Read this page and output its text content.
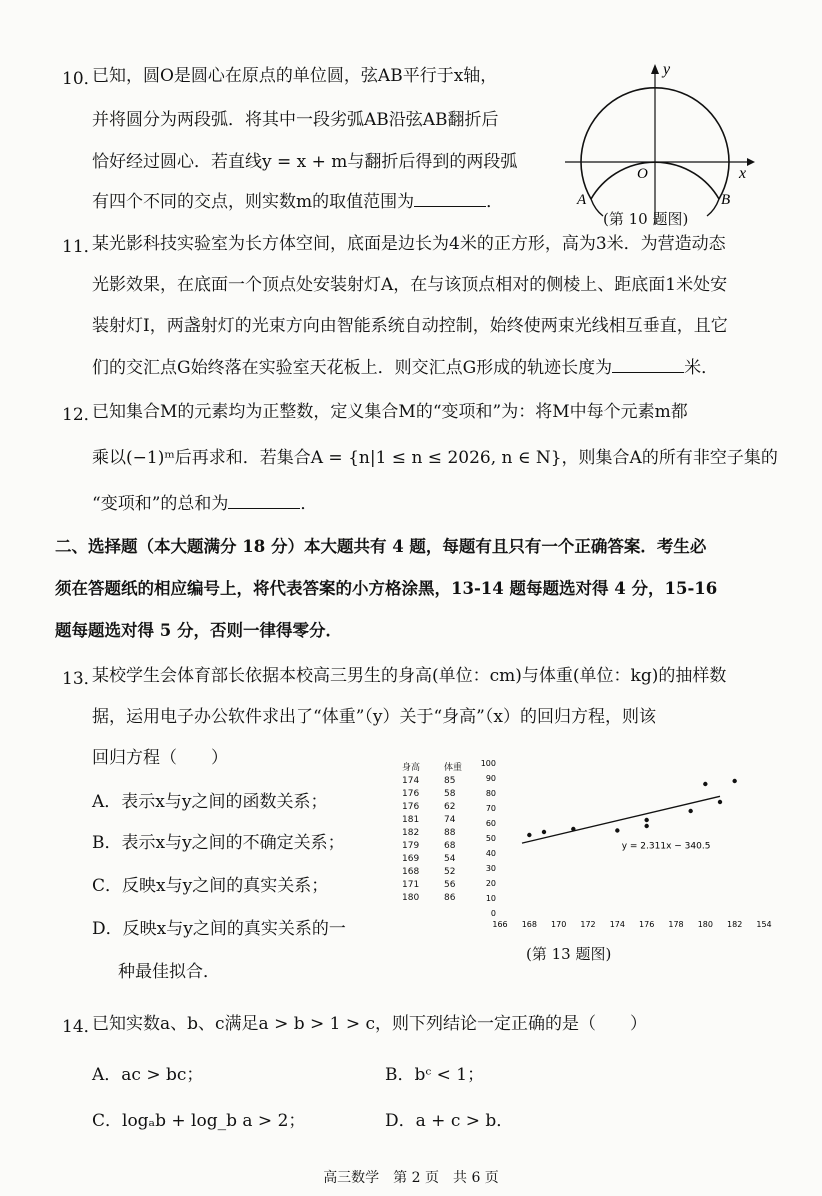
10．
已知，圆O是圆心在原点的单位圆，弦AB平行于x轴，
并将圆分为两段弧．将其中一段劣弧AB沿弦AB翻折后
恰好经过圆心．若直线y = x + m与翻折后得到的两段弧
有四个不同的交点，则实数m的取值范围为	．
y
x
O
A	B
(第 10 题图)
11．
某光影科技实验室为长方体空间，底面是边长为4米的正方形，高为3米．为营造动态
光影效果，在底面一个顶点处安装射灯A，在与该顶点相对的侧棱上、距底面1米处安
装射灯I，两盏射灯的光束方向由智能系统自动控制，始终使两束光线相互垂直，且它
们的交汇点G始终落在实验室天花板上．则交汇点G形成的轨迹长度为	米．
12．
已知集合M的元素均为正整数，定义集合M的“变项和”为：将M中每个元素m都
乘以(−1)ᵐ后再求和．若集合A = {n|1 ≤ n ≤ 2026, n ∈ N}，则集合A的所有非空子集的
“变项和”的总和为	．
二、选择题（本大题满分 18 分）本大题共有 4 题，每题有且只有一个正确答案．考生必
须在答题纸的相应编号上，将代表答案的小方格涂黑，13-14 题每题选对得 4 分，15-16
题每题选对得 5 分，否则一律得零分．
13．
某校学生会体育部长依据本校高三男生的身高(单位：cm)与体重(单位：kg)的抽样数
据，运用电子办公软件求出了“体重”（y）关于“身高”（x）的回归方程，则该
回归方程（　　）
A．表示x与y之间的函数关系；
B．表示x与y之间的不确定关系；
C．反映x与y之间的真实关系；
D．反映x与y之间的真实关系的一
种最佳拟合．
身高	体重
174	85
176	58
176	62
181	74
182	88
179	68
169	54
168	52
171	56
180	86
0
10
20
30
40
50
60
70
80
90
100
166 168 170 172 174 176 178 180 182 154
y = 2.311x − 340.5
(第 13 题图)
14．
已知实数a、b、c满足a > b > 1 > c，则下列结论一定正确的是（　　）
A．ac > bc；	B．bᶜ < 1；
C．logₐb + log_b a > 2；	D．a + c > b．
高三数学　第 2 页　共 6 页
